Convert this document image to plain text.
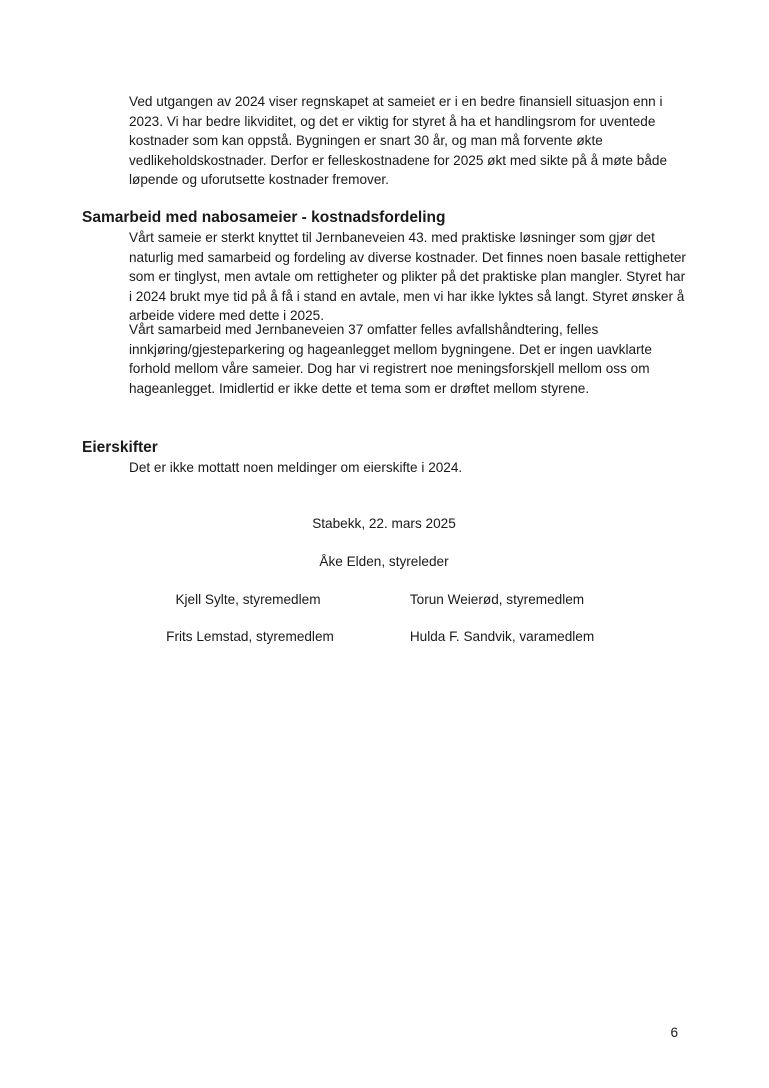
Ved utgangen av 2024 viser regnskapet at sameiet er i en bedre finansiell situasjon enn i 2023. Vi har bedre likviditet, og det er viktig for styret å ha et handlingsrom for uventede kostnader som kan oppstå. Bygningen er snart 30 år, og man må forvente økte vedlikeholdskostnader. Derfor er felleskostnadene for 2025 økt med sikte på å møte både løpende og uforutsette kostnader fremover.

Samarbeid med nabosameier - kostnadsfordeling

Vårt sameie er sterkt knyttet til Jernbaneveien 43. med praktiske løsninger som gjør det naturlig med samarbeid og fordeling av diverse kostnader. Det finnes noen basale rettigheter som er tinglyst, men avtale om rettigheter og plikter på det praktiske plan mangler. Styret har i 2024 brukt mye tid på å få i stand en avtale, men vi har ikke lyktes så langt. Styret ønsker å arbeide videre med dette i 2025.

Vårt samarbeid med Jernbaneveien 37 omfatter felles avfallshåndtering, felles innkjøring/gjesteparkering og hageanlegget mellom bygningene. Det er ingen uavklarte forhold mellom våre sameier. Dog har vi registrert noe meningsforskjell mellom oss om hageanlegget. Imidlertid er ikke dette et tema som er drøftet mellom styrene.

Eierskifter

Det er ikke mottatt noen meldinger om eierskifte i 2024.

Stabekk, 22. mars 2025
Åke Elden, styreleder
Kjell Sylte, styremedlem	Torun Weierød, styremedlem
Frits Lemstad, styremedlem	Hulda F. Sandvik, varamedlem
6
